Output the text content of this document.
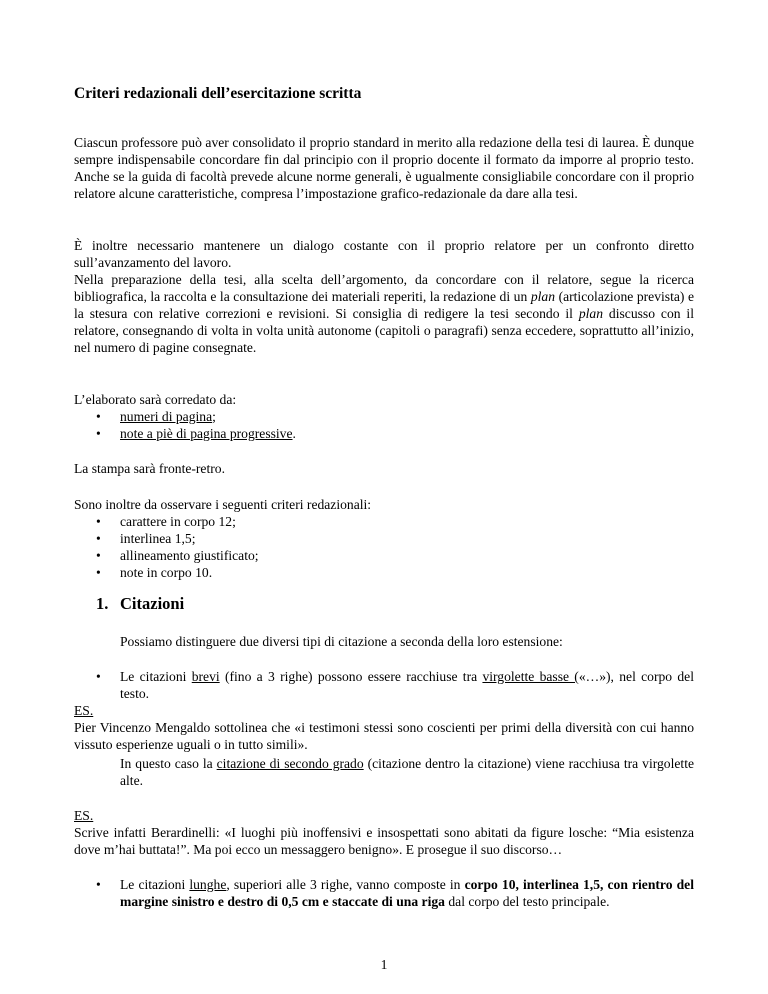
Criteri redazionali dell’esercitazione scritta

Ciascun professore può aver consolidato il proprio standard in merito alla redazione della tesi di laurea. È dunque sempre indispensabile concordare fin dal principio con il proprio docente il formato da imporre al proprio testo. Anche se la guida di facoltà prevede alcune norme generali, è ugualmente consigliabile concordare con il proprio relatore alcune caratteristiche, compresa l’impostazione grafico-redazionale da dare alla tesi.

È inoltre necessario mantenere un dialogo costante con il proprio relatore per un confronto diretto sull’avanzamento del lavoro.

Nella preparazione della tesi, alla scelta dell’argomento, da concordare con il relatore, segue la ricerca bibliografica, la raccolta e la consultazione dei materiali reperiti, la redazione di un plan (articolazione prevista) e la stesura con relative correzioni e revisioni. Si consiglia di redigere la tesi secondo il plan discusso con il relatore, consegnando di volta in volta unità autonome (capitoli o paragrafi) senza eccedere, soprattutto all’inizio, nel numero di pagine consegnate.

L’elaborato sarà corredato da:

• numeri di pagina;
• note a piè di pagina progressive.

La stampa sarà fronte-retro.

Sono inoltre da osservare i seguenti criteri redazionali:

• carattere in corpo 12;
• interlinea 1,5;
• allineamento giustificato;
• note in corpo 10.
1. Citazioni

Possiamo distinguere due diversi tipi di citazione a seconda della loro estensione:

• Le citazioni brevi (fino a 3 righe) possono essere racchiuse tra virgolette basse («…»), nel corpo del testo.

ES.

Pier Vincenzo Mengaldo sottolinea che «i testimoni stessi sono coscienti per primi della diversità con cui hanno vissuto esperienze uguali o in tutto simili».

In questo caso la citazione di secondo grado (citazione dentro la citazione) viene racchiusa tra virgolette alte.

ES.

Scrive infatti Berardinelli: «I luoghi più inoffensivi e insospettati sono abitati da figure losche: “Mia esistenza dove m’hai buttata!”. Ma poi ecco un messaggero benigno». E prosegue il suo discorso…

• Le citazioni lunghe, superiori alle 3 righe, vanno composte in corpo 10, interlinea 1,5, con rientro del margine sinistro e destro di 0,5 cm e staccate di una riga dal corpo del testo principale.
1
